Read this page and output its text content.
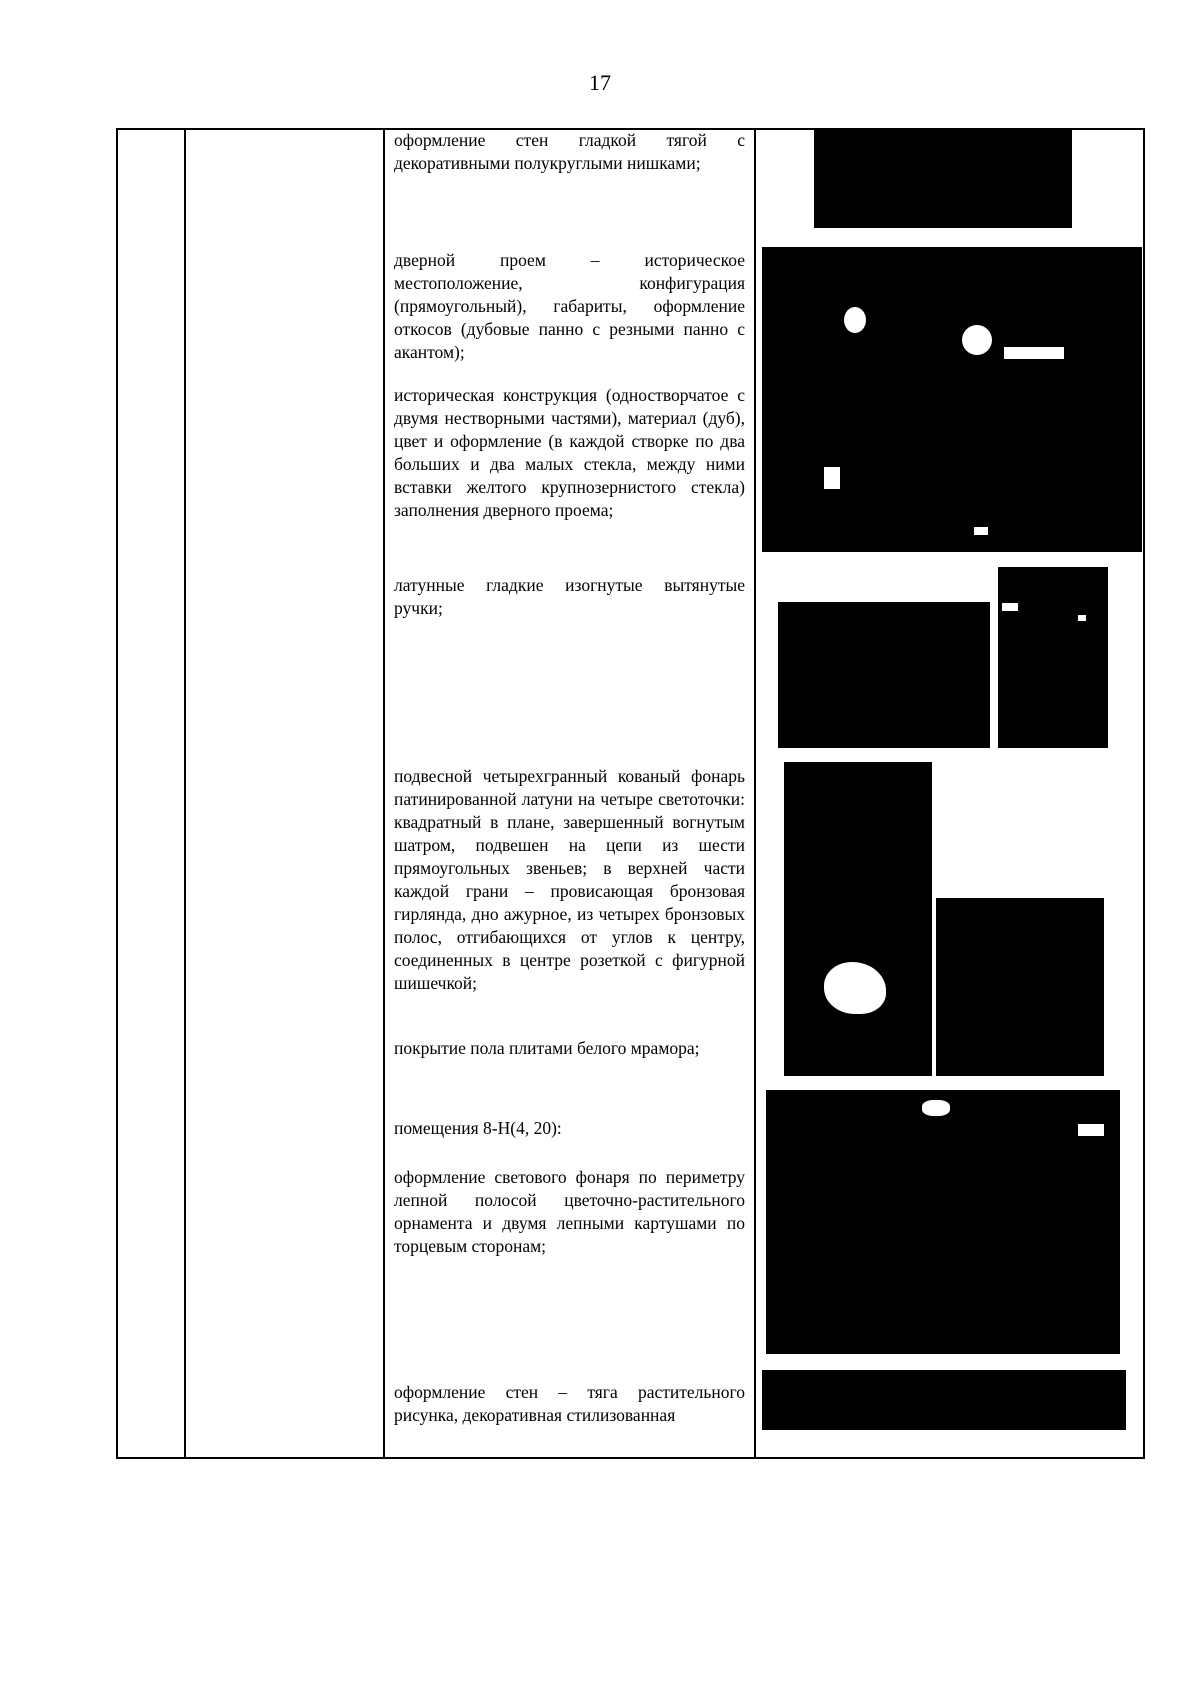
17
оформление стен гладкой тягой с декоративными полукруглыми нишками;
дверной проем – историческое местоположение, конфигурация (прямоугольный), габариты, оформление откосов (дубовые панно с резными панно с акантом);
историческая конструкция (одностворчатое с двумя нестворными частями), материал (дуб), цвет и оформление (в каждой створке по два больших и два малых стекла, между ними вставки желтого крупнозернистого стекла) заполнения дверного проема;
латунные гладкие изогнутые вытянутые ручки;
подвесной четырехгранный кованый фонарь патинированной латуни на четыре светоточки: квадратный в плане, завершенный вогнутым шатром, подвешен на цепи из шести прямоугольных звеньев; в верхней части каждой грани – провисающая бронзовая гирлянда, дно ажурное, из четырех бронзовых полос, отгибающихся от углов к центру, соединенных в центре розеткой с фигурной шишечкой;
покрытие пола плитами белого мрамора;
помещения 8-Н(4, 20):
оформление светового фонаря по периметру лепной полосой цветочно-растительного орнамента и двумя лепными картушами по торцевым сторонам;
оформление стен – тяга растительного рисунка, декоративная стилизованная
